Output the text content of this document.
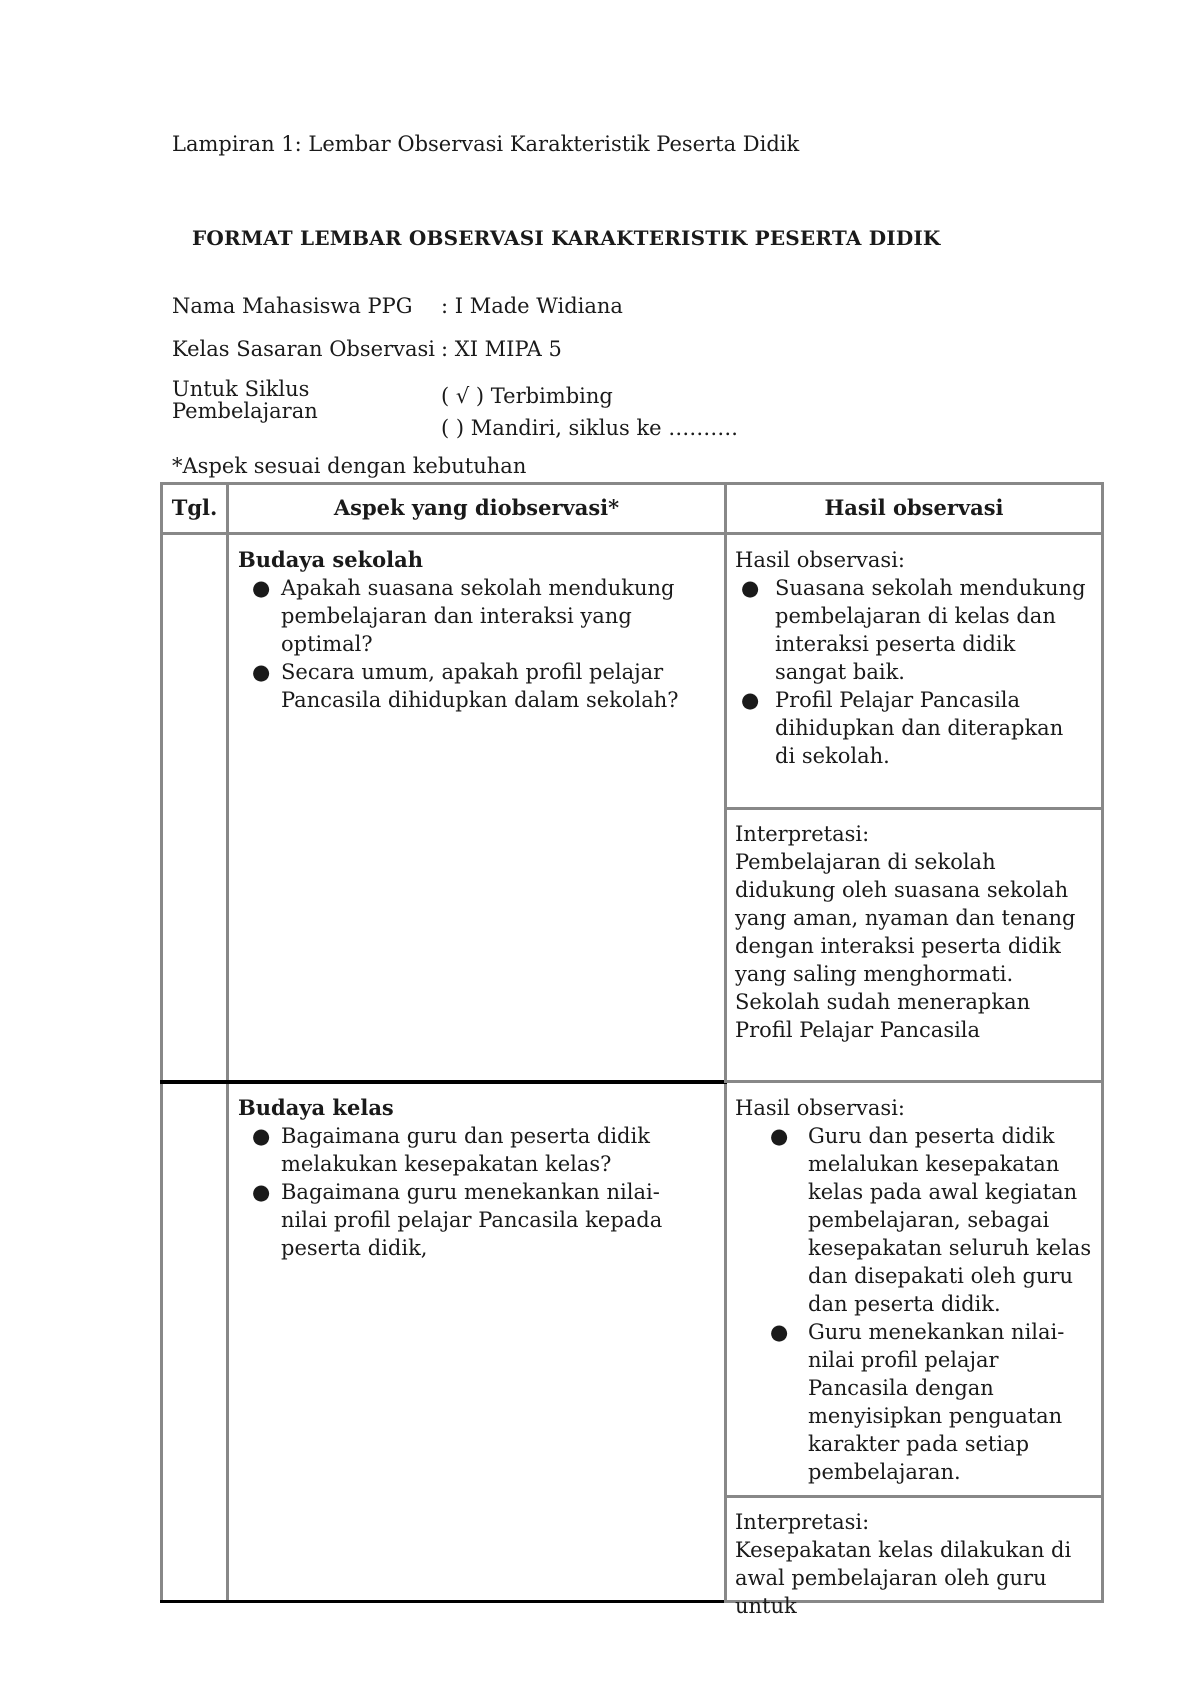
Lampiran 1: Lembar Observasi Karakteristik Peserta Didik
FORMAT LEMBAR OBSERVASI KARAKTERISTIK PESERTA DIDIK
Nama Mahasiswa PPG : I Made Widiana
Kelas Sasaran Observasi : XI MIPA 5
Untuk Siklus
Pembelajaran
( √ ) Terbimbing
( ) Mandiri, siklus ke ……….
*Aspek sesuai dengan kebutuhan
Tgl.	Aspek yang diobservasi*	Hasil observasi
Budaya sekolah
● Apakah suasana sekolah mendukung pembelajaran dan interaksi yang optimal?
● Secara umum, apakah profil pelajar Pancasila dihidupkan dalam sekolah?
Hasil observasi:
● Suasana sekolah mendukung pembelajaran di kelas dan interaksi peserta didik sangat baik.
● Profil Pelajar Pancasila dihidupkan dan diterapkan di sekolah.
Interpretasi:
Pembelajaran di sekolah didukung oleh suasana sekolah yang aman, nyaman dan tenang dengan interaksi peserta didik yang saling menghormati. Sekolah sudah menerapkan Profil Pelajar Pancasila
Budaya kelas
● Bagaimana guru dan peserta didik melakukan kesepakatan kelas?
● Bagaimana guru menekankan nilai-nilai profil pelajar Pancasila kepada peserta didik,
Hasil observasi:
● Guru dan peserta didik melalukan kesepakatan kelas pada awal kegiatan pembelajaran, sebagai kesepakatan seluruh kelas dan disepakati oleh guru dan peserta didik.
● Guru menekankan nilai-nilai profil pelajar Pancasila dengan menyisipkan penguatan karakter pada setiap pembelajaran.
Interpretasi:
Kesepakatan kelas dilakukan di awal pembelajaran oleh guru untuk
